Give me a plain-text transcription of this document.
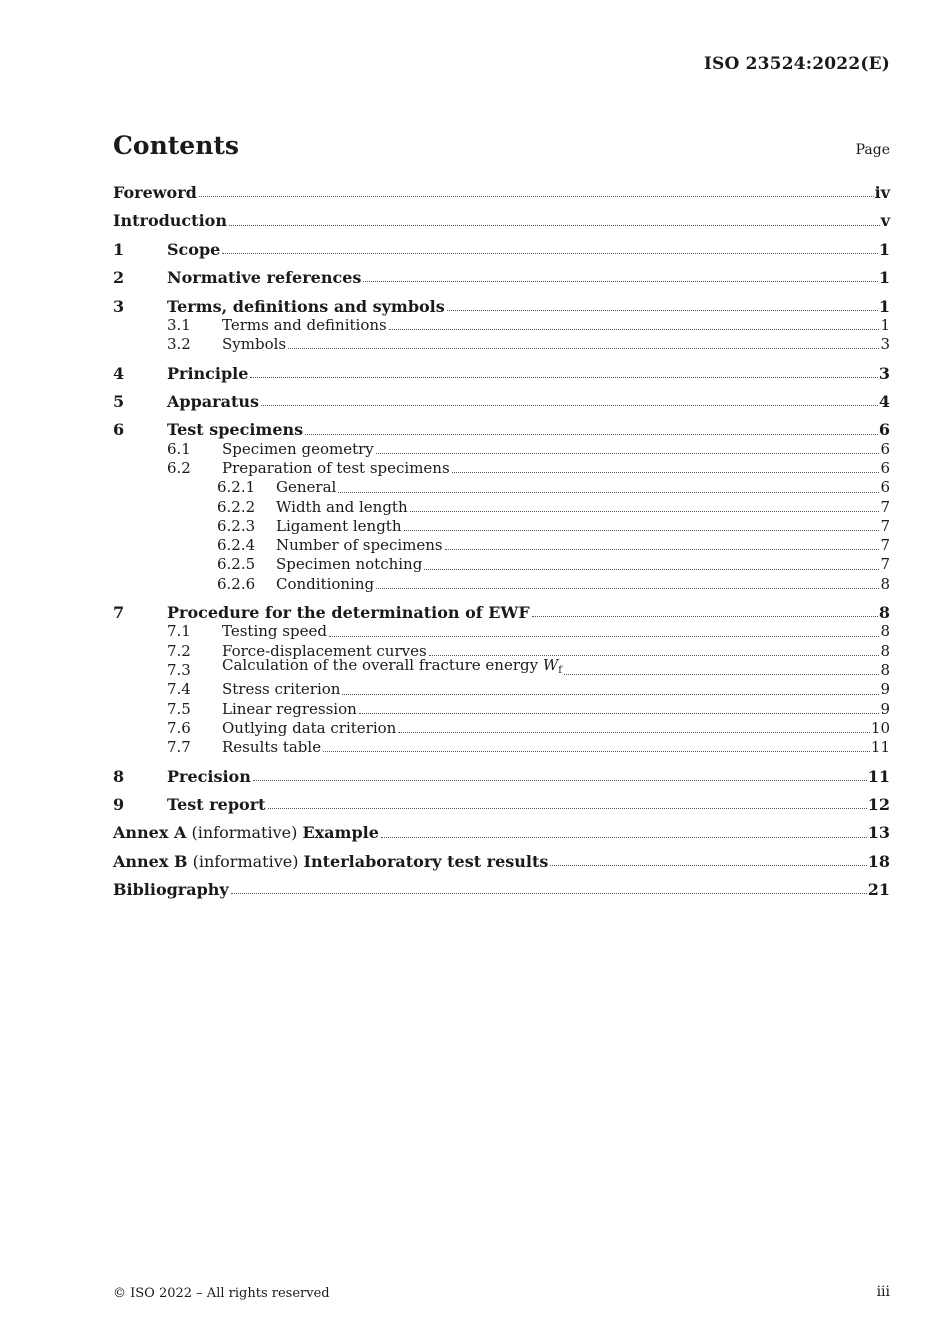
ISO 23524:2022(E)
Contents	Page
Foreword	iv
Introduction	v
1	Scope	1
2	Normative references	1
3	Terms, definitions and symbols	1
3.1	Terms and definitions	1
3.2	Symbols	3
4	Principle	3
5	Apparatus	4
6	Test specimens	6
6.1	Specimen geometry	6
6.2	Preparation of test specimens	6
6.2.1	General	6
6.2.2	Width and length	7
6.2.3	Ligament length	7
6.2.4	Number of specimens	7
6.2.5	Specimen notching	7
6.2.6	Conditioning	8
7	Procedure for the determination of EWF	8
7.1	Testing speed	8
7.2	Force-displacement curves	8
7.3	Calculation of the overall fracture energy $W_f$	8
7.4	Stress criterion	9
7.5	Linear regression	9
7.6	Outlying data criterion	10
7.7	Results table	11
8	Precision	11
9	Test report	12
Annex A (informative) Example	13
Annex B (informative) Interlaboratory test results	18
Bibliography	21
© ISO 2022 – All rights reserved	iii
